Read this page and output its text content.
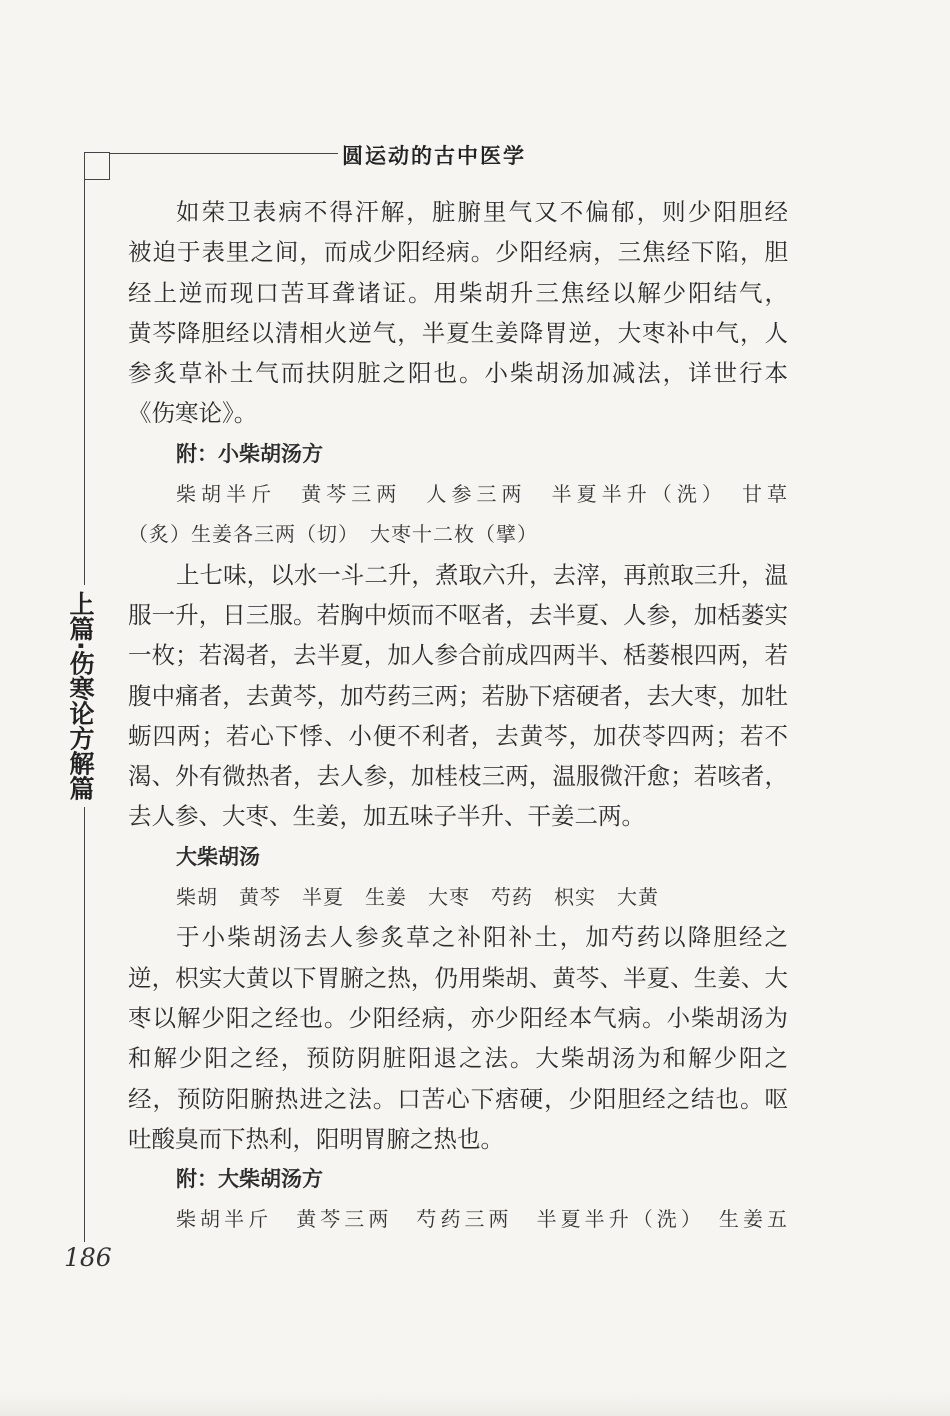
圆运动的古中医学
上篇·伤寒论方解篇
186
如荣卫表病不得汗解，脏腑里气又不偏郁，则少阳胆经
被迫于表里之间，而成少阳经病。少阳经病，三焦经下陷，胆
经上逆而现口苦耳聋诸证。用柴胡升三焦经以解少阳结气，
黄芩降胆经以清相火逆气，半夏生姜降胃逆，大枣补中气，人
参炙草补土气而扶阴脏之阳也。小柴胡汤加减法，详世行本
《伤寒论》。
附：小柴胡汤方
柴胡半斤　黄芩三两　人参三两　半夏半升（洗）　甘草
（炙）生姜各三两（切）　大枣十二枚（擘）
上七味，以水一斗二升，煮取六升，去滓，再煎取三升，温
服一升，日三服。若胸中烦而不呕者，去半夏、人参，加栝蒌实
一枚；若渴者，去半夏，加人参合前成四两半、栝蒌根四两，若
腹中痛者，去黄芩，加芍药三两；若胁下痞硬者，去大枣，加牡
蛎四两；若心下悸、小便不利者，去黄芩，加茯苓四两；若不
渴、外有微热者，去人参，加桂枝三两，温服微汗愈；若咳者，
去人参、大枣、生姜，加五味子半升、干姜二两。
大柴胡汤
柴胡　黄芩　半夏　生姜　大枣　芍药　枳实　大黄
于小柴胡汤去人参炙草之补阳补土，加芍药以降胆经之
逆，枳实大黄以下胃腑之热，仍用柴胡、黄芩、半夏、生姜、大
枣以解少阳之经也。少阳经病，亦少阳经本气病。小柴胡汤为
和解少阳之经，预防阴脏阳退之法。大柴胡汤为和解少阳之
经，预防阳腑热进之法。口苦心下痞硬，少阳胆经之结也。呕
吐酸臭而下热利，阳明胃腑之热也。
附：大柴胡汤方
柴胡半斤　黄芩三两　芍药三两　半夏半升（洗）　生姜五
